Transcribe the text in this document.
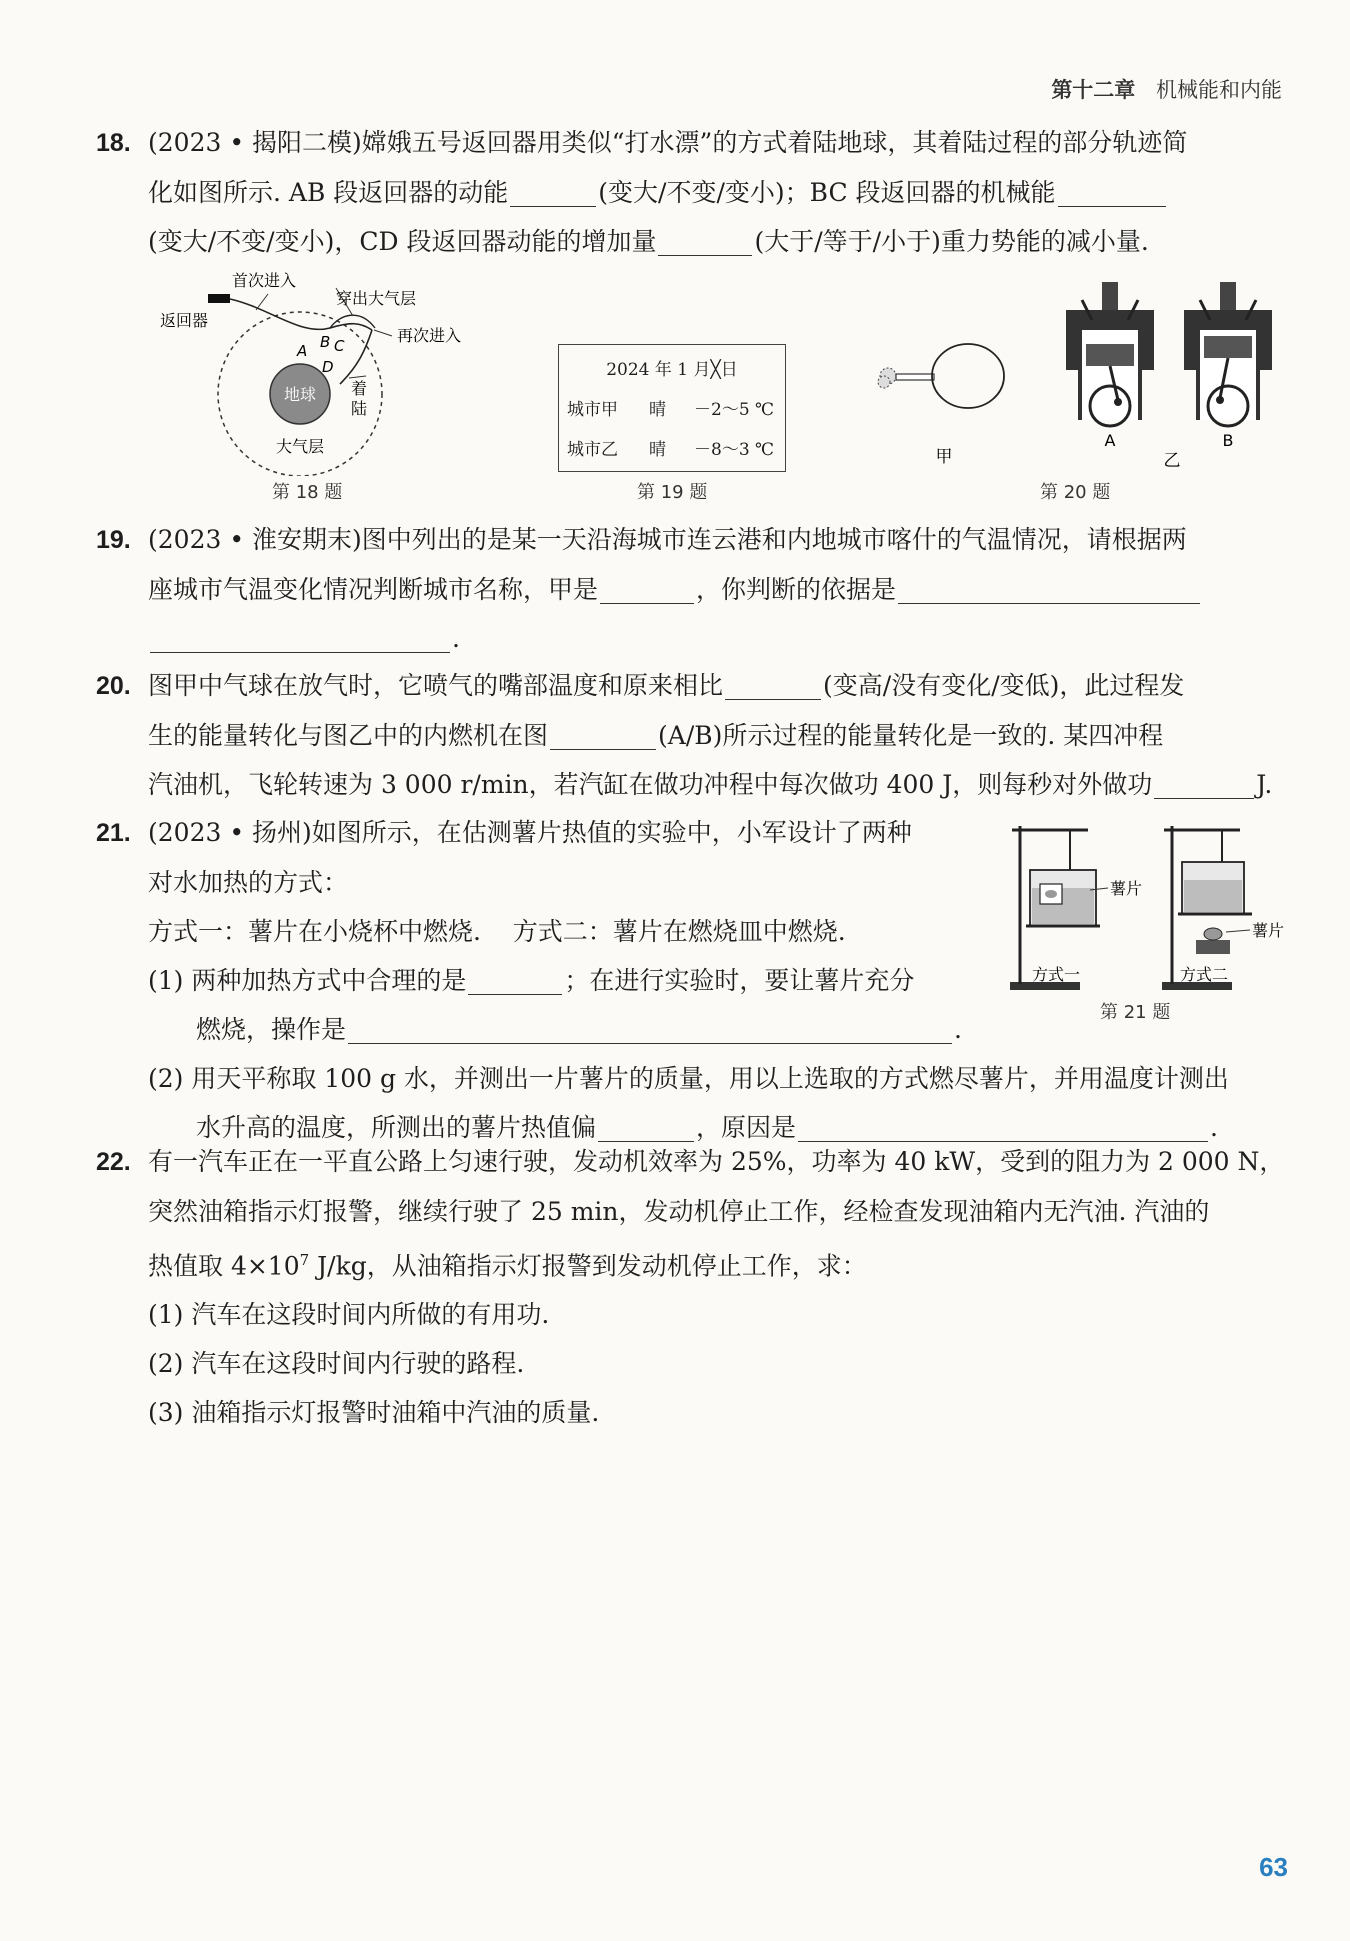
第十二章 机械能和内能
18. (2023 • 揭阳二模)嫦娥五号返回器用类似“打水漂”的方式着陆地球，其着陆过程的部分轨迹简
化如图所示. AB 段返回器的动能	(变大/不变/变小)；BC 段返回器的机械能
(变大/不变/变小)，CD 段返回器动能的增加量	(大于/等于/小于)重力势能的减小量.
首次进入
返回器
穿出大气层
再次进入
A B C
D
着
陆
地球
大气层
第 18 题
2024 年 1 月╳日
城市甲 晴 －2～5 ℃
城市乙 晴 －8～3 ℃
第 19 题
甲
A	B
乙
第 20 题
19. (2023 • 淮安期末)图中列出的是某一天沿海城市连云港和内地城市喀什的气温情况，请根据两
座城市气温变化情况判断城市名称，甲是	，你判断的依据是
.
20. 图甲中气球在放气时，它喷气的嘴部温度和原来相比	(变高/没有变化/变低)，此过程发
生的能量转化与图乙中的内燃机在图	(A/B)所示过程的能量转化是一致的. 某四冲程
汽油机，飞轮转速为 3 000 r/min，若汽缸在做功冲程中每次做功 400 J，则每秒对外做功	J.
21. (2023 • 扬州)如图所示，在估测薯片热值的实验中，小军设计了两种
对水加热的方式：
方式一：薯片在小烧杯中燃烧.    方式二：薯片在燃烧皿中燃烧.
(1) 两种加热方式中合理的是	；在进行实验时，要让薯片充分
燃烧，操作是	.
(2) 用天平称取 100 g 水，并测出一片薯片的质量，用以上选取的方式燃尽薯片，并用温度计测出
水升高的温度，所测出的薯片热值偏	，原因是	.
薯片
方式一
薯片
方式二
第 21 题
22. 有一汽车正在一平直公路上匀速行驶，发动机效率为 25%，功率为 40 kW，受到的阻力为 2 000 N，
突然油箱指示灯报警，继续行驶了 25 min，发动机停止工作，经检查发现油箱内无汽油. 汽油的
热值取 $4\times 10^7$ J/kg，从油箱指示灯报警到发动机停止工作，求：
(1) 汽车在这段时间内所做的有用功.
(2) 汽车在这段时间内行驶的路程.
(3) 油箱指示灯报警时油箱中汽油的质量.
63
